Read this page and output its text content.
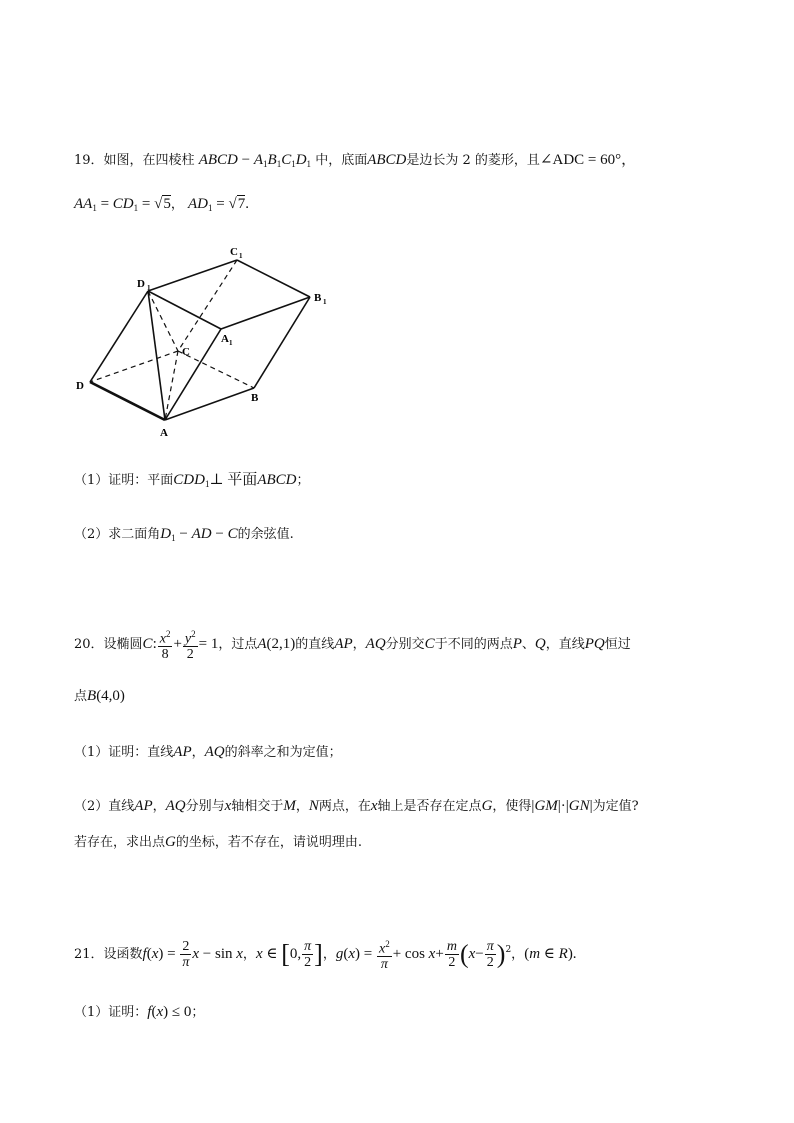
19．如图，在四棱柱 ABCD − $A_1B_1C_1D_1$ 中，底面ABCD是边长为 2 的菱形，且∠ADC = 60°，
$AA_1 = CD_1 = √5$， $AD_1 = √7$.
D 1
C 1
B 1
A 1
C
D
A
B
（1）证明：平面$CDD_1\perp$ 平面ABCD；
（2）求二面角$D_1$ − AD − C的余弦值.
20．设椭圆C: $\frac{x^2}{8} + \frac{y^2}{2} = 1$，过点A(2,1)的直线AP，AQ分别交C于不同的两点P、Q，直线PQ恒过
点B(4,0)
（1）证明：直线AP，AQ的斜率之和为定值；
（2）直线AP，AQ分别与x轴相交于M，N两点，在x轴上是否存在定点G，使得|GM|·|GN|为定值?
若存在，求出点G的坐标，若不存在，请说明理由.
21．设函数$f(x) = \frac{2}{\pi}$ x − sin x，x ∈ [0, $\frac{\pi}{2}$ ]，$g(x) = \frac{x^2}{\pi} + \cos x+ \frac{m}{2} (x- \frac{\pi}{2} )^2$，(m ∈ R).
（1）证明：f(x) ≤ 0；
